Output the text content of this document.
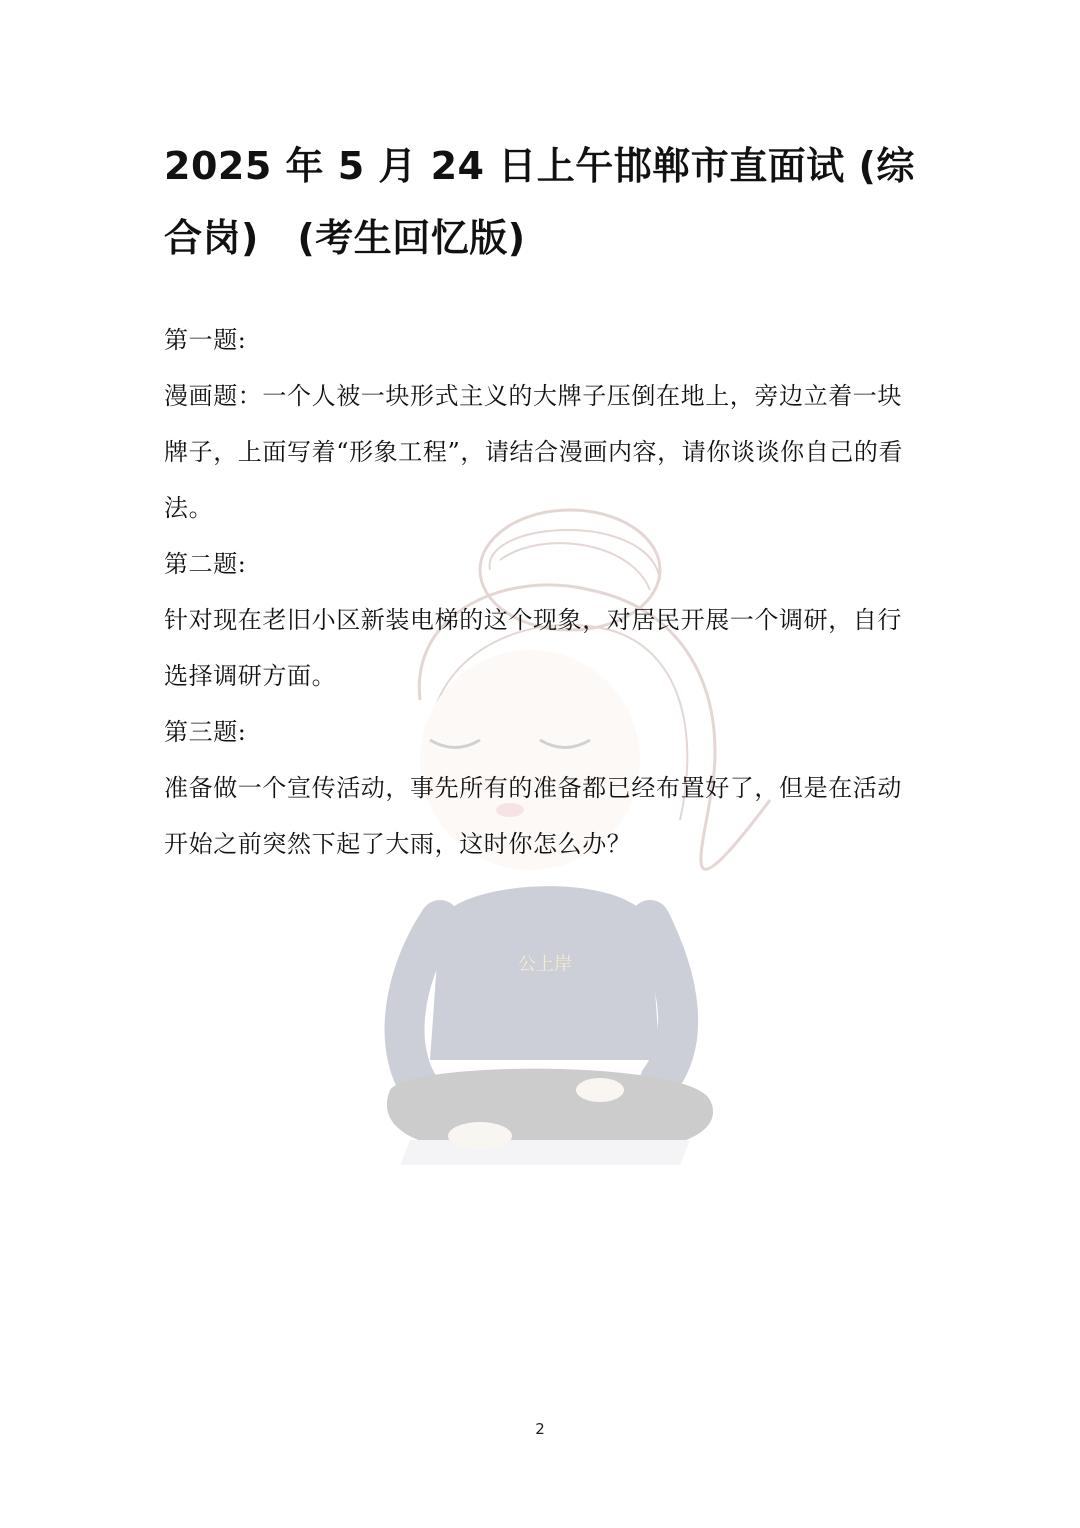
公上岸
2025 年 5 月 24 日上午邯郸市直面试 (综合岗)　(考生回忆版)

第一题:

漫画题：一个人被一块形式主义的大牌子压倒在地上，旁边立着一块牌子，上面写着“形象工程”，请结合漫画内容，请你谈谈你自己的看法。

第二题:

针对现在老旧小区新装电梯的这个现象，对居民开展一个调研，自行选择调研方面。

第三题:

准备做一个宣传活动，事先所有的准备都已经布置好了，但是在活动开始之前突然下起了大雨，这时你怎么办？

2
